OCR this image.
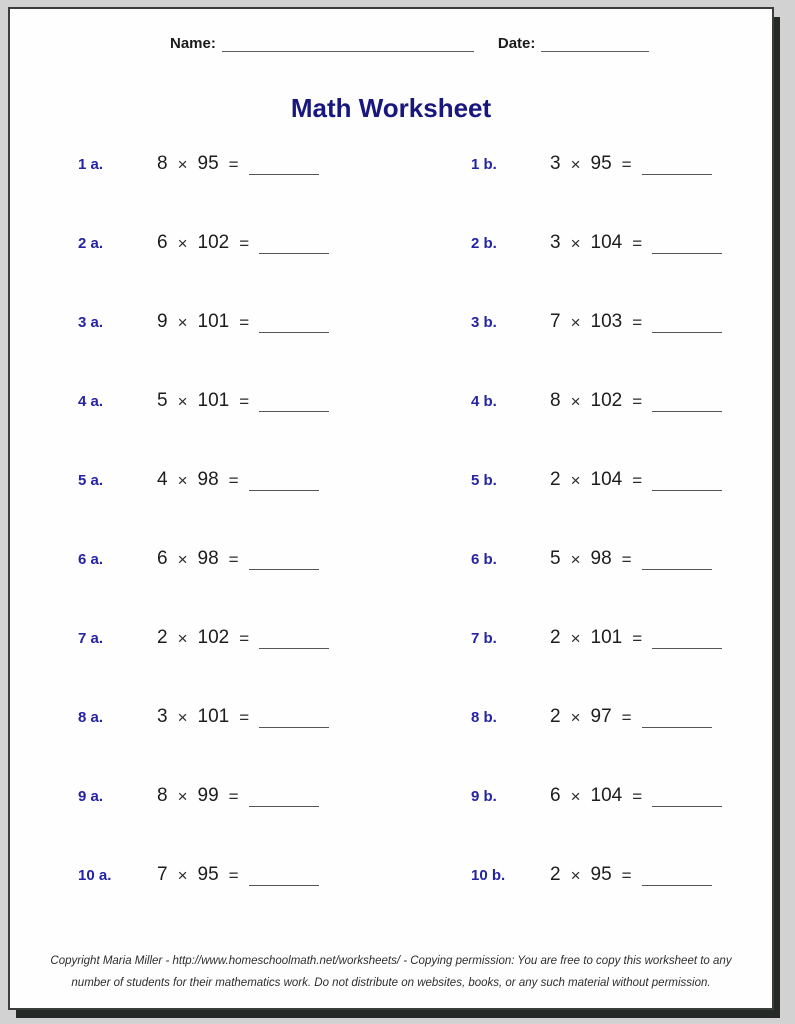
Name:	Date:
Math Worksheet
1 a.	8 × 95 =	1 b.	3 × 95 =
2 a.	6 × 102 =	2 b.	3 × 104 =
3 a.	9 × 101 =	3 b.	7 × 103 =
4 a.	5 × 101 =	4 b.	8 × 102 =
5 a.	4 × 98 =	5 b.	2 × 104 =
6 a.	6 × 98 =	6 b.	5 × 98 =
7 a.	2 × 102 =	7 b.	2 × 101 =
8 a.	3 × 101 =	8 b.	2 × 97 =
9 a.	8 × 99 =	9 b.	6 × 104 =
10 a.	7 × 95 =	10 b.	2 × 95 =
Copyright Maria Miller - http://www.homeschoolmath.net/worksheets/ - Copying permission: You are free to copy this worksheet to any
number of students for their mathematics work. Do not distribute on websites, books, or any such material without permission.
